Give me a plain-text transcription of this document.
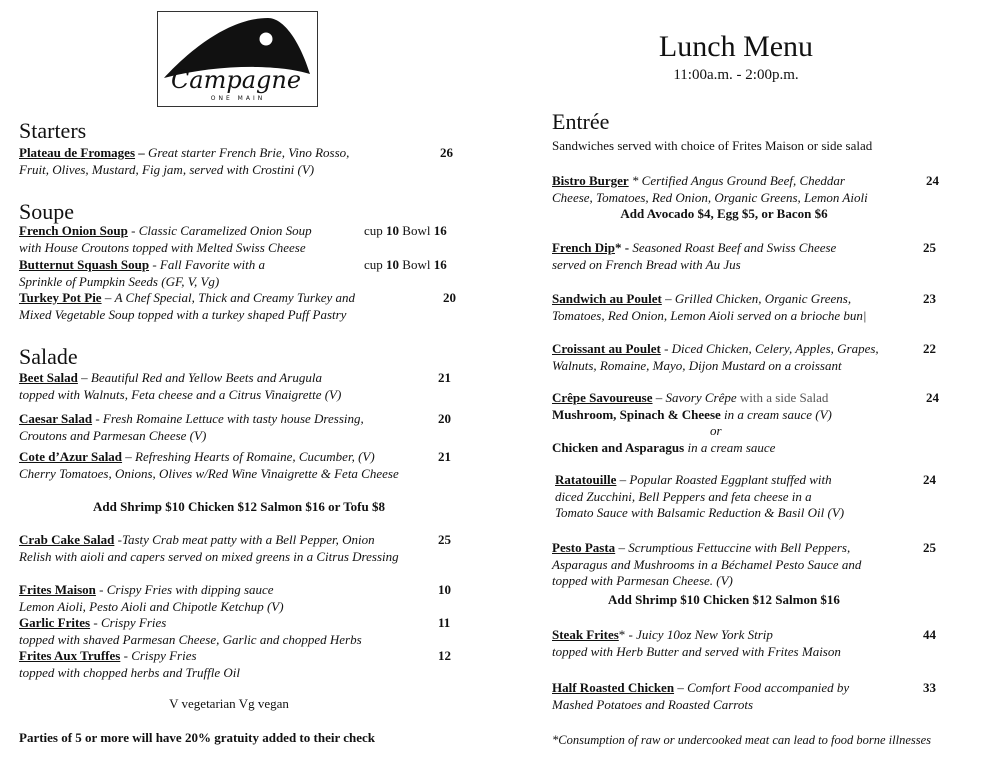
Campagne
ONE MAIN
Lunch Menu
11:00a.m. - 2:00p.m.
Starters
Plateau de Fromages – Great starter French Brie, Vino Rosso,
Fruit, Olives, Mustard, Fig jam, served with Crostini (V)
26
Soupe
French Onion Soup - Classic Caramelized Onion Soup
with House Croutons topped with Melted Swiss Cheese
cup 10 Bowl 16
Butternut Squash Soup - Fall Favorite with a
Sprinkle of Pumpkin Seeds (GF, V, Vg)
cup 10 Bowl 16
Turkey Pot Pie – A Chef Special, Thick and Creamy Turkey and
Mixed Vegetable Soup topped with a turkey shaped Puff Pastry
20
Salade
Beet Salad – Beautiful Red and Yellow Beets and Arugula
topped with Walnuts, Feta cheese and a Citrus Vinaigrette (V)
21
Caesar Salad - Fresh Romaine Lettuce with tasty house Dressing,
Croutons and Parmesan Cheese (V)
20
Cote d’Azur Salad – Refreshing Hearts of Romaine, Cucumber, (V)
Cherry Tomatoes, Onions, Olives w/Red Wine Vinaigrette & Feta Cheese
21
Add Shrimp $10 Chicken $12 Salmon $16 or Tofu $8
Crab Cake Salad -Tasty Crab meat patty with a Bell Pepper, Onion
Relish with aioli and capers served on mixed greens in a Citrus Dressing
25
Frites Maison - Crispy Fries with dipping sauce
Lemon Aioli, Pesto Aioli and Chipotle Ketchup (V)
10
Garlic Frites - Crispy Fries
topped with shaved Parmesan Cheese, Garlic and chopped Herbs
11
Frites Aux Truffes - Crispy Fries
topped with chopped herbs and Truffle Oil
12
V vegetarian Vg vegan
Parties of 5 or more will have 20% gratuity added to their check
Entrée
Sandwiches served with choice of Frites Maison or side salad
Bistro Burger * Certified Angus Ground Beef, Cheddar
Cheese, Tomatoes, Red Onion, Organic Greens, Lemon Aioli
24
Add Avocado $4, Egg $5, or Bacon $6
French Dip* - Seasoned Roast Beef and Swiss Cheese
served on French Bread with Au Jus
25
Sandwich au Poulet – Grilled Chicken, Organic Greens,
Tomatoes, Red Onion, Lemon Aioli served on a brioche bun|
23
Croissant au Poulet - Diced Chicken, Celery, Apples, Grapes,
Walnuts, Romaine, Mayo, Dijon Mustard on a croissant
22
Crêpe Savoureuse – Savory Crêpe with a side Salad
Mushroom, Spinach & Cheese in a cream sauce (V)

or
Chicken and Asparagus in a cream sauce
24
Ratatouille – Popular Roasted Eggplant stuffed with
diced Zucchini, Bell Peppers and feta cheese in a
Tomato Sauce with Balsamic Reduction & Basil Oil (V)
24
Pesto Pasta – Scrumptious Fettuccine with Bell Peppers,
Asparagus and Mushrooms in a Béchamel Pesto Sauce and
topped with Parmesan Cheese. (V)
25
Add Shrimp $10 Chicken $12 Salmon $16
Steak Frites* - Juicy 10oz New York Strip
topped with Herb Butter and served with Frites Maison
44
Half Roasted Chicken – Comfort Food accompanied by
Mashed Potatoes and Roasted Carrots
33
*Consumption of raw or undercooked meat can lead to food borne illnesses
